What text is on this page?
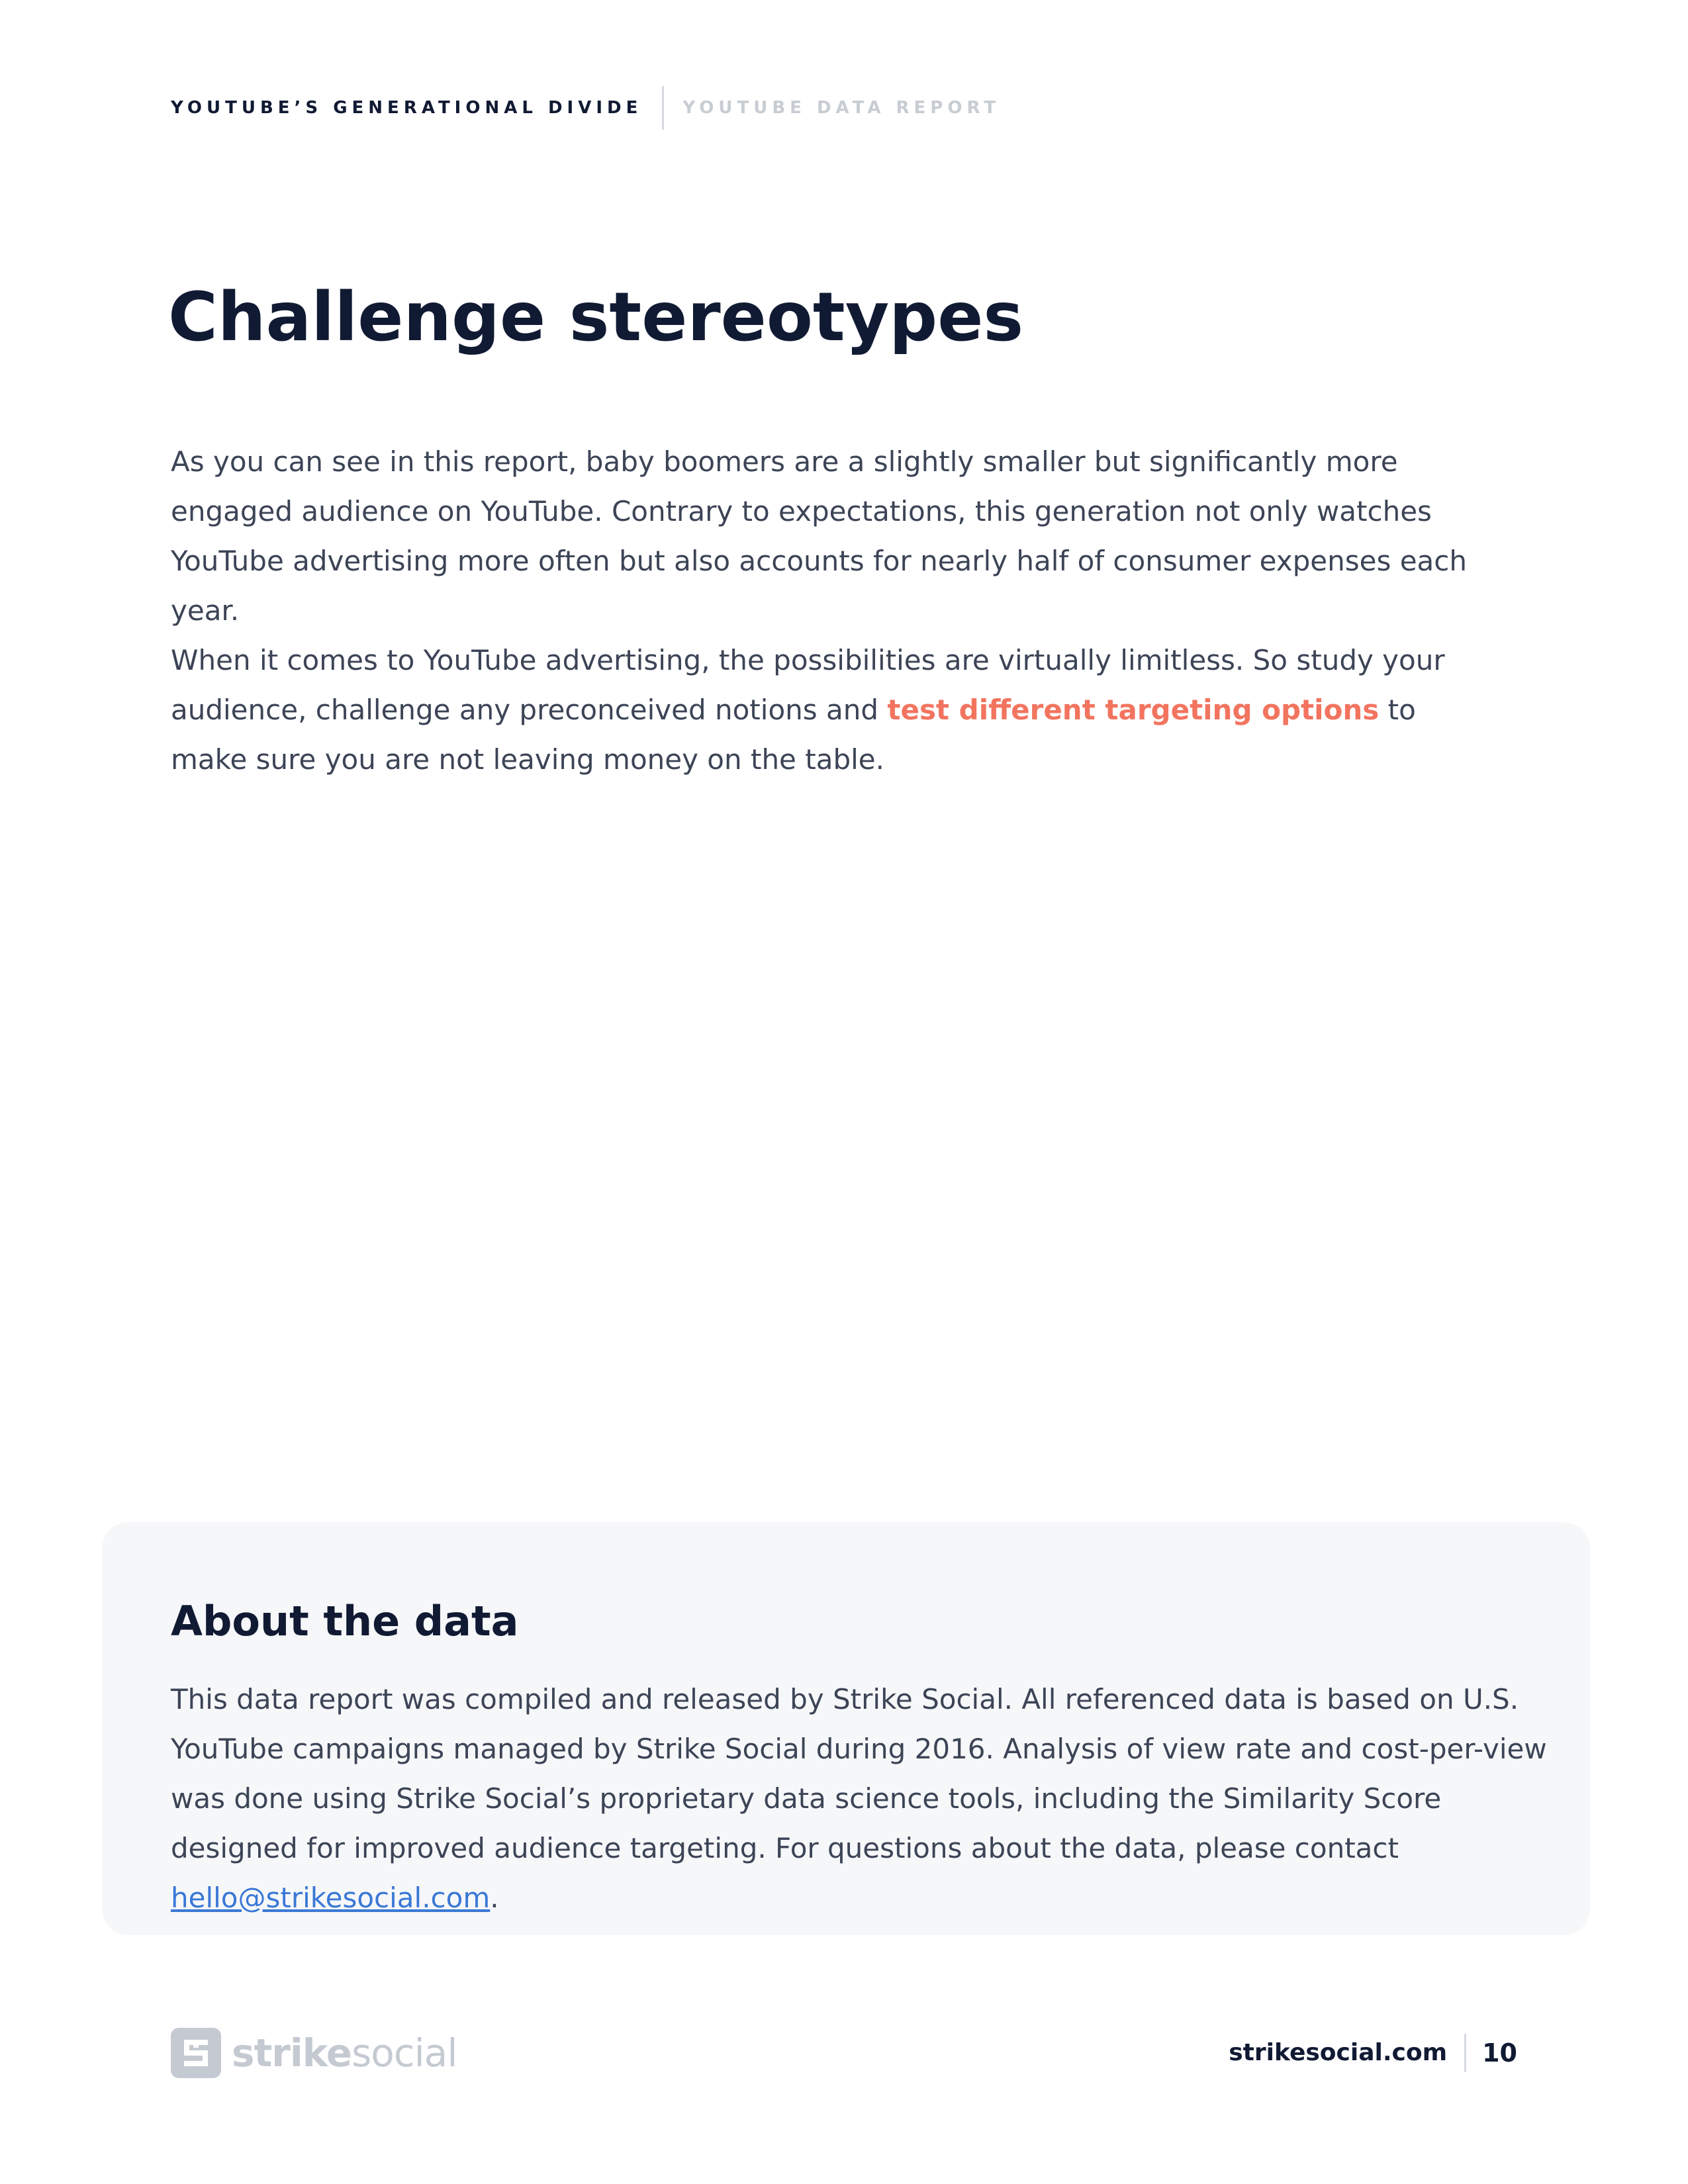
YOUTUBE’S GENERATIONAL DIVIDE	YOUTUBE DATA REPORT
Challenge stereotypes

As you can see in this report, baby boomers are a slightly smaller but significantly more engaged audience on YouTube. Contrary to expectations, this generation not only watches YouTube advertising more often but also accounts for nearly half of consumer expenses each year.

When it comes to YouTube advertising, the possibilities are virtually limitless. So study your audience, challenge any preconceived notions and test different targeting options to make sure you are not leaving money on the table.

About the data

This data report was compiled and released by Strike Social. All referenced data is based on U.S. YouTube campaigns managed by Strike Social during 2016. Analysis of view rate and cost-per-view was done using Strike Social’s proprietary data science tools, including the Similarity Score designed for improved audience targeting. For questions about the data, please contact hello@strikesocial.com.

strikesocial	strikesocial.com	10
